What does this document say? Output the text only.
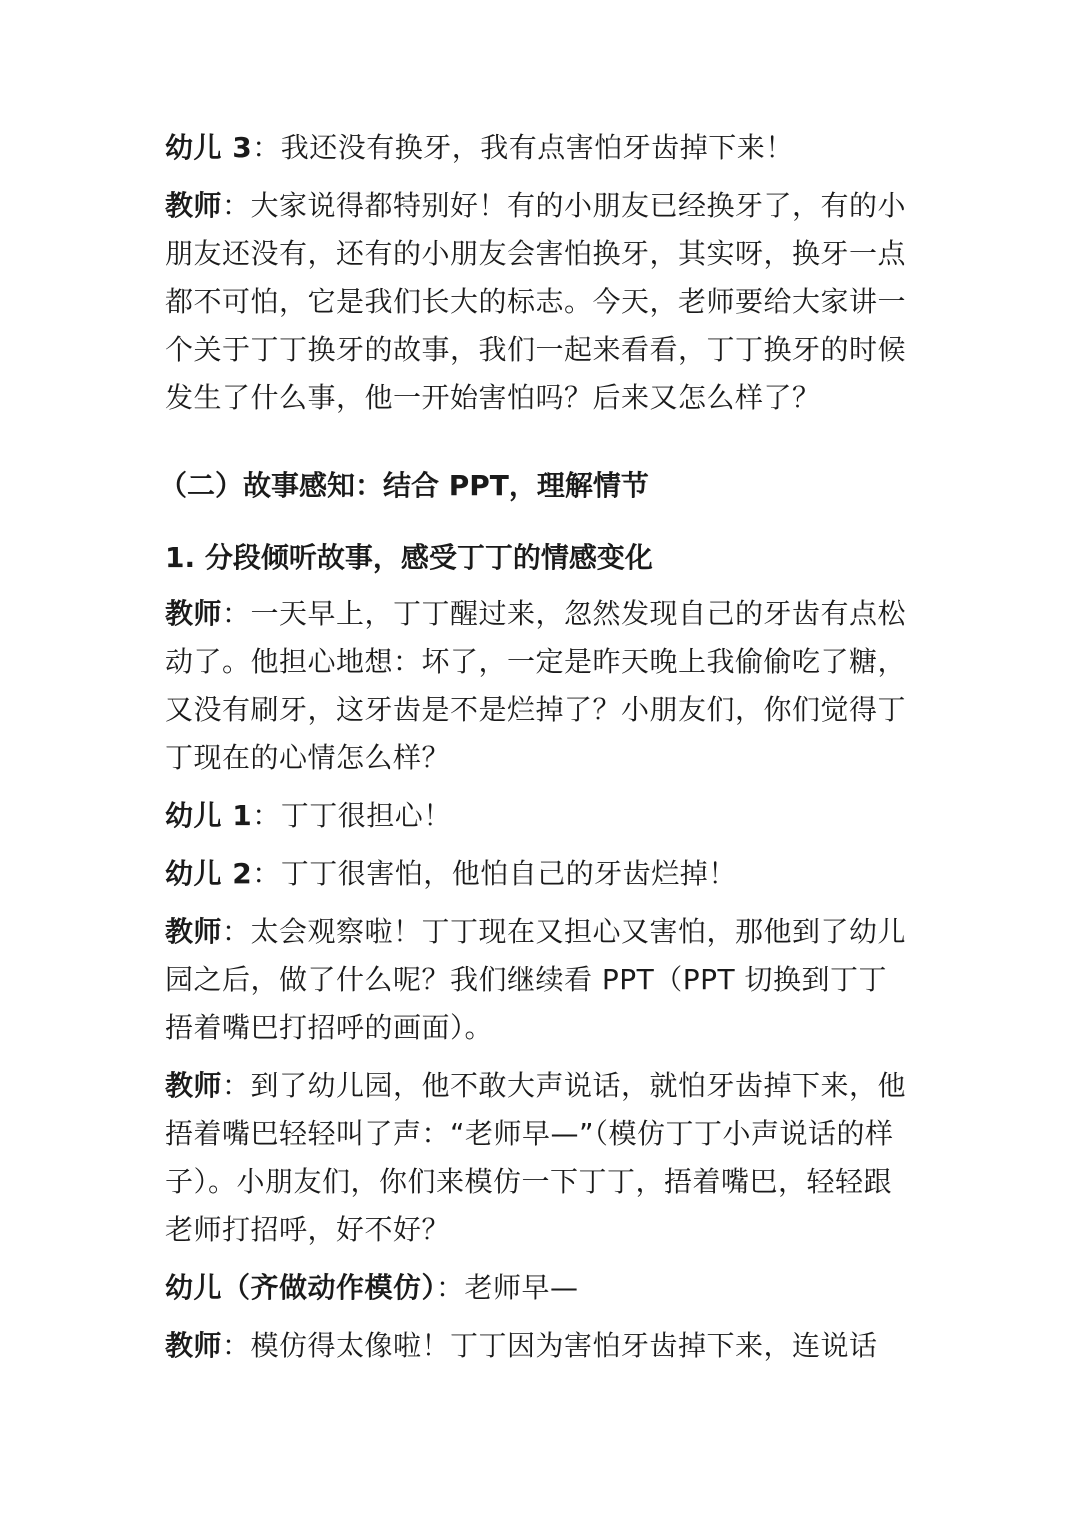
幼儿 3：我还没有换牙，我有点害怕牙齿掉下来！

教师：大家说得都特别好！有的小朋友已经换牙了，有的小朋友还没有，还有的小朋友会害怕换牙，其实呀，换牙一点都不可怕，它是我们长大的标志。今天，老师要给大家讲一个关于丁丁换牙的故事，我们一起来看看，丁丁换牙的时候发生了什么事，他一开始害怕吗？后来又怎么样了？

（二）故事感知：结合 PPT，理解情节
1. 分段倾听故事，感受丁丁的情感变化

教师：一天早上，丁丁醒过来，忽然发现自己的牙齿有点松动了。他担心地想：坏了，一定是昨天晚上我偷偷吃了糖，又没有刷牙，这牙齿是不是烂掉了？小朋友们，你们觉得丁丁现在的心情怎么样？

幼儿 1：丁丁很担心！

幼儿 2：丁丁很害怕，他怕自己的牙齿烂掉！

教师：太会观察啦！丁丁现在又担心又害怕，那他到了幼儿园之后，做了什么呢？我们继续看 PPT（PPT 切换到丁丁捂着嘴巴打招呼的画面）。

教师：到了幼儿园，他不敢大声说话，就怕牙齿掉下来，他捂着嘴巴轻轻叫了声：“老师早—”（模仿丁丁小声说话的样子）。小朋友们，你们来模仿一下丁丁，捂着嘴巴，轻轻跟老师打招呼，好不好？

幼儿（齐做动作模仿）：老师早—

教师：模仿得太像啦！丁丁因为害怕牙齿掉下来，连说话
